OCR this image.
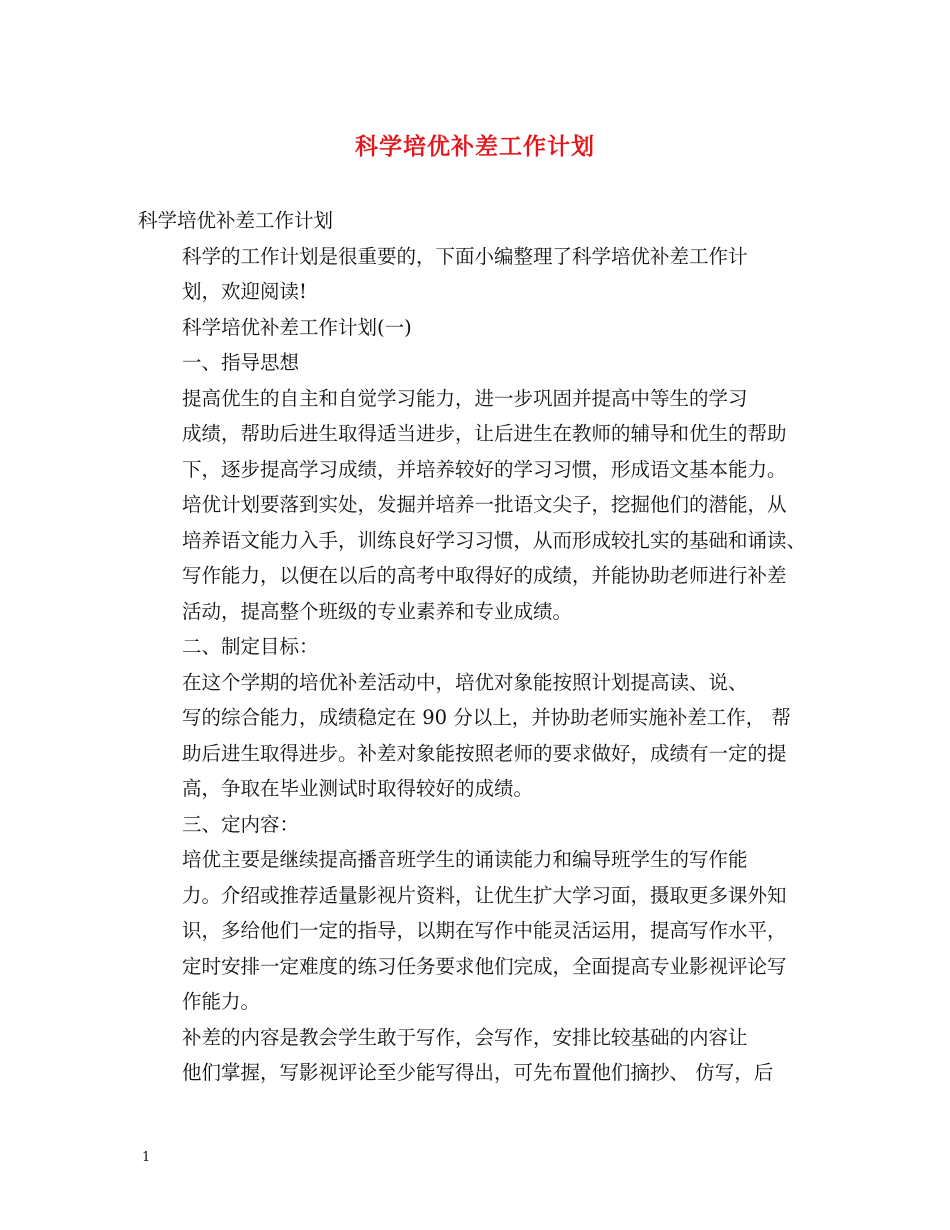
科学培优补差工作计划

科学培优补差工作计划

科学的工作计划是很重要的，下面小编整理了科学培优补差工作计
划，欢迎阅读!

科学培优补差工作计划(一)

一、指导思想

提高优生的自主和自觉学习能力，进一步巩固并提高中等生的学习
成绩，帮助后进生取得适当进步，让后进生在教师的辅导和优生的帮助
下，逐步提高学习成绩，并培养较好的学习习惯，形成语文基本能力。
培优计划要落到实处，发掘并培养一批语文尖子，挖掘他们的潜能，从
培养语文能力入手，训练良好学习习惯，从而形成较扎实的基础和诵读、
写作能力，以便在以后的高考中取得好的成绩，并能协助老师进行补差
活动，提高整个班级的专业素养和专业成绩。

二、制定目标：

在这个学期的培优补差活动中，培优对象能按照计划提高读、说、
写的综合能力，成绩稳定在 90 分以上，并协助老师实施补差工作， 帮
助后进生取得进步。补差对象能按照老师的要求做好，成绩有一定的提
高，争取在毕业测试时取得较好的成绩。

三、定内容：

培优主要是继续提高播音班学生的诵读能力和编导班学生的写作能
力。介绍或推荐适量影视片资料，让优生扩大学习面，摄取更多课外知
识，多给他们一定的指导，以期在写作中能灵活运用，提高写作水平，
定时安排一定难度的练习任务要求他们完成，全面提高专业影视评论写
作能力。

补差的内容是教会学生敢于写作，会写作，安排比较基础的内容让
他们掌握，写影视评论至少能写得出，可先布置他们摘抄、 仿写，后

1
